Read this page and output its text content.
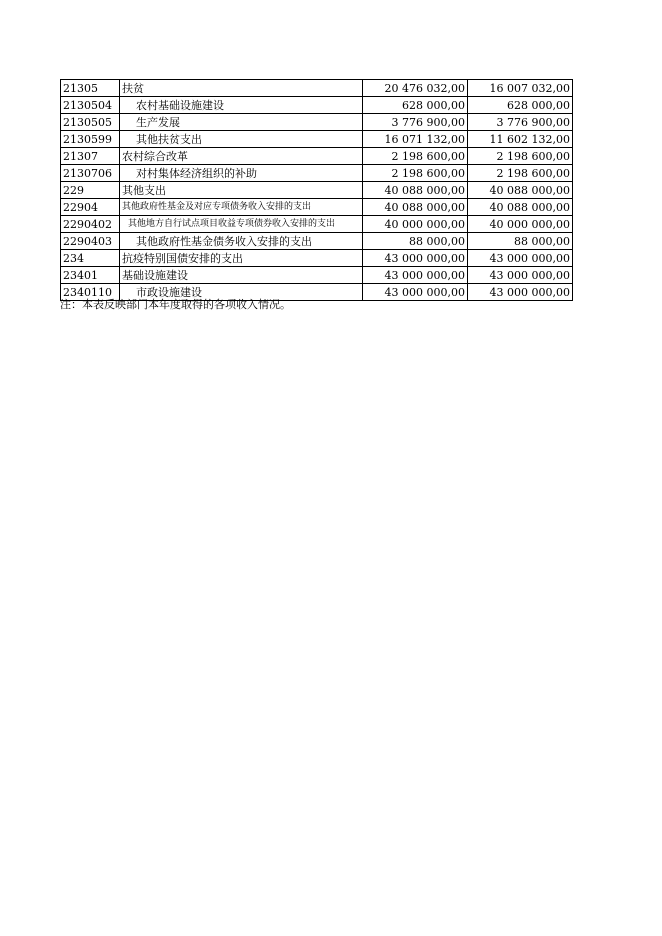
21305	扶贫	20 476 032,00	16 007 032,00
2130504	农村基础设施建设	628 000,00	628 000,00
2130505	生产发展	3 776 900,00	3 776 900,00
2130599	其他扶贫支出	16 071 132,00	11 602 132,00
21307	农村综合改革	2 198 600,00	2 198 600,00
2130706	对村集体经济组织的补助	2 198 600,00	2 198 600,00
229	其他支出	40 088 000,00	40 088 000,00
22904	其他政府性基金及对应专项债务收入安排的支出	40 088 000,00	40 088 000,00
2290402	其他地方自行试点项目收益专项债券收入安排的支出	40 000 000,00	40 000 000,00
2290403	其他政府性基金债务收入安排的支出	88 000,00	88 000,00
234	抗疫特别国债安排的支出	43 000 000,00	43 000 000,00
23401	基础设施建设	43 000 000,00	43 000 000,00
2340110	市政设施建设	43 000 000,00	43 000 000,00
注：本表反映部门本年度取得的各项收入情况。
